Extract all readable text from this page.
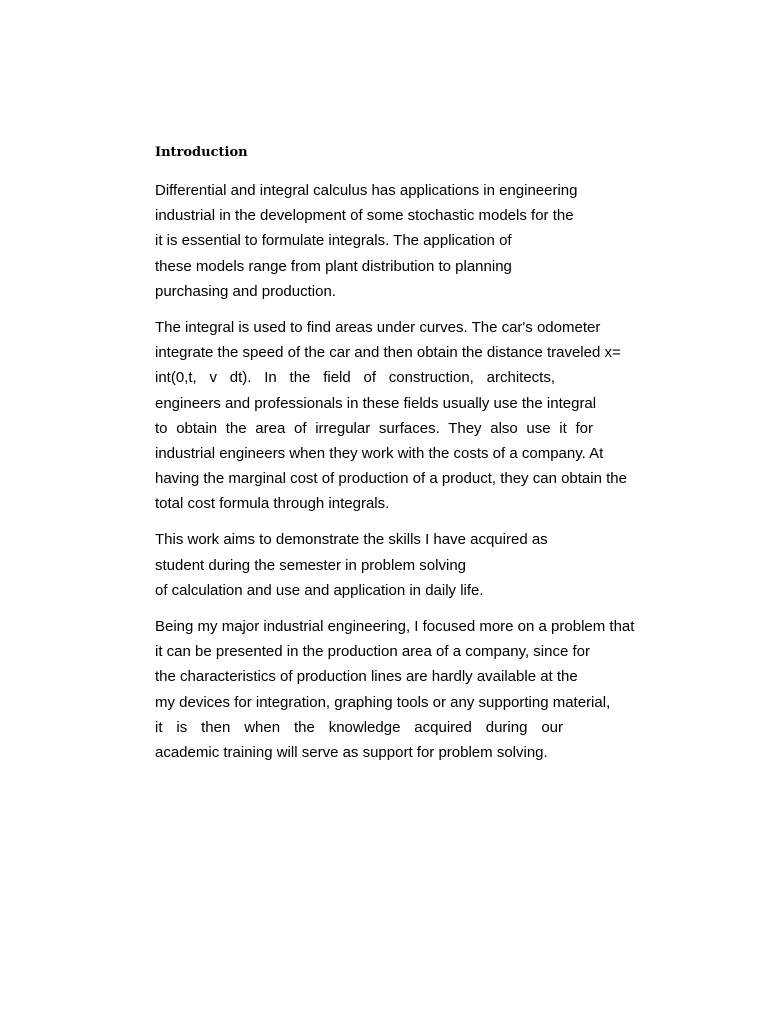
Introduction

Differential and integral calculus has applications in engineering
industrial in the development of some stochastic models for the
it is essential to formulate integrals. The application of
these models range from plant distribution to planning
purchasing and production.

The integral is used to find areas under curves. The car's odometer
integrate the speed of the car and then obtain the distance traveled x=
int(0,t, v dt). In the field of construction, architects,
engineers and professionals in these fields usually use the integral
to obtain the area of irregular surfaces. They also use it for
industrial engineers when they work with the costs of a company. At
having the marginal cost of production of a product, they can obtain the
total cost formula through integrals.

This work aims to demonstrate the skills I have acquired as
student during the semester in problem solving
of calculation and use and application in daily life.

Being my major industrial engineering, I focused more on a problem that
it can be presented in the production area of a company, since for
the characteristics of production lines are hardly available at the
my devices for integration, graphing tools or any supporting material,
it is then when the knowledge acquired during our
academic training will serve as support for problem solving.
